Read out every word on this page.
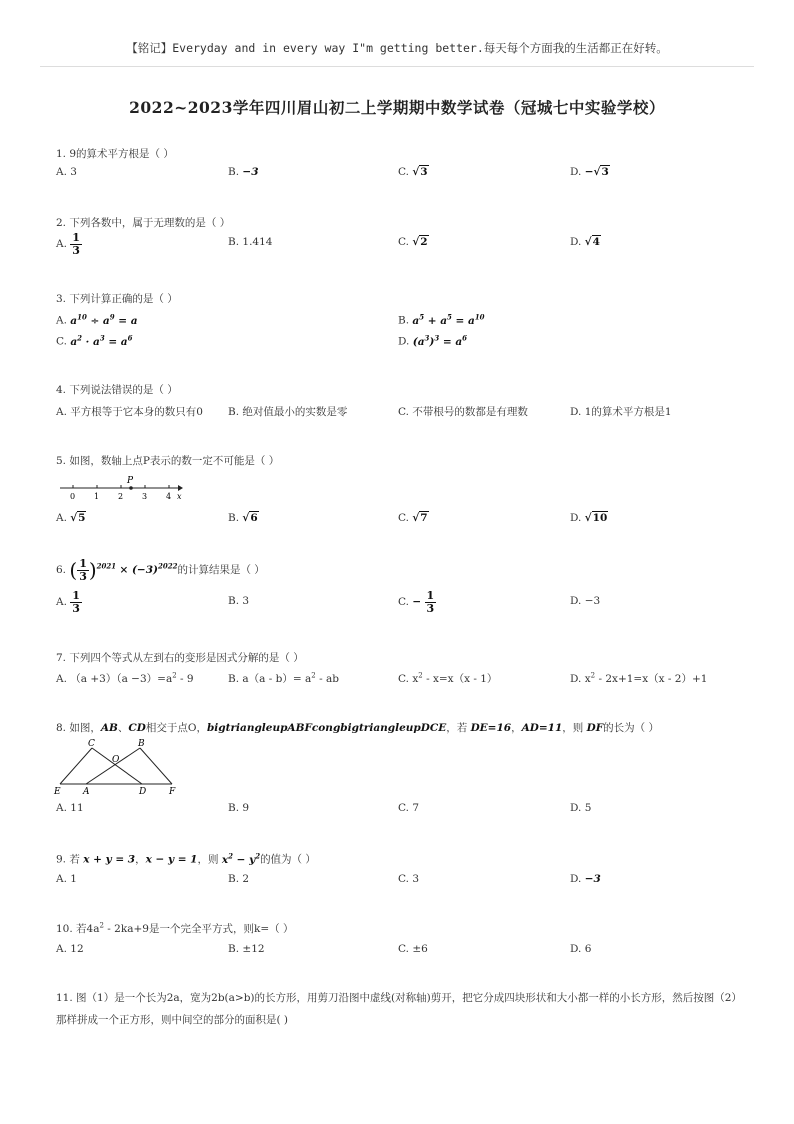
【铭记】Everyday and in every way I"m getting better.每天每个方面我的生活都正在好转。
2022~2023学年四川眉山初二上学期期中数学试卷（冠城七中实验学校）
1. 9的算术平方根是（ ）
A. 3	B. −3	C. √3	D. −√3
2. 下列各数中，属于无理数的是（ ）
A. $\frac{1}{3}$	B. 1.414	C. √2	D. √4
3. 下列计算正确的是（ ）
A. $a^{10} \div a^9 = a$	B. $a^5 + a^5 = a^{10}$
C. $a^2 \cdot a^3 = a^6$	D. $(a^3)^3 = a^6$
4. 下列说法错误的是（ ）
A. 平方根等于它本身的数只有0 B. 绝对值最小的实数是零	C. 不带根号的数都是有理数	D. 1的算术平方根是1
5. 如图，数轴上点P表示的数一定不可能是（ ）
P
0 1 2 3 4 x
A. √5	B. √6	C. √7	D. √10
6. ( $\frac{1}{3} )^{2021} \times (-3)^{2022}$的计算结果是（ ）
A. $\frac{1}{3}$	B. 3	C. − $\frac{1}{3}$	D. −3
7. 下列四个等式从左到右的变形是因式分解的是（ ）
A. $(a +3)(a -3)=a^2 - 9$	B. $a(a - b)= a^2$ - ab	C. $x^2 - x=x(x - 1)$	D. $x^2 - 2x+1=x(x - 2)+1$
8. 如图，AB、CD相交于点O，bigtriangleupABFcongbigtriangleupDCE，若 DE=16，AD=11，则 DF的长为（ ）
C	B
O
E A	D	F
A. 11	B. 9	C. 7	D. 5
9. 若 x + y = 3，x − y = 1，则 $x^2 - y^2$的值为（ ）
A. 1	B. 2	C. 3	D. −3
10. 若$4a^2 - 2ka+9$是一个完全平方式，则k=（ ）
A. 12	B. ±12	C. ±6	D. 6
11. 图（1）是一个长为2a，宽为2b(a>b)的长方形，用剪刀沿图中虚线(对称轴)剪开，把它分成四块形状和大小都一样的小长方形，然后按图（2）那样拼成一个正方形，则中间空的部分的面积是( )
